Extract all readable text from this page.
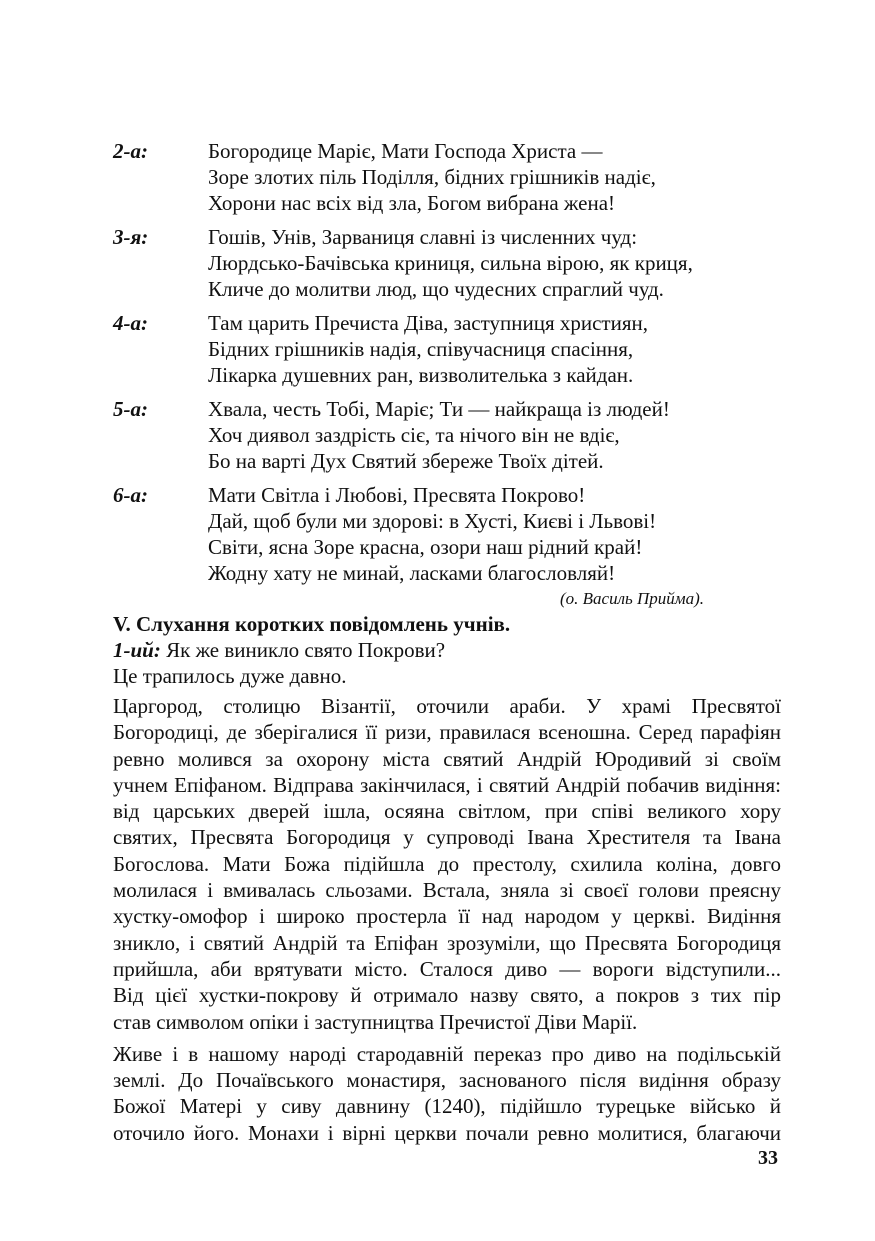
2-а:	Богородице Маріє, Мати Господа Христа —
Зоре злотих піль Поділля, бідних грішників надіє,
Хорони нас всіх від зла, Богом вибрана жена!
3-я:	Гошів, Унів, Зарваниця славні із численних чуд:
Люрдсько-Бачівська криниця, сильна вірою, як криця,
Кличе до молитви люд, що чудесних спраглий чуд.
4-а:	Там царить Пречиста Діва, заступниця християн,
Бідних грішників надія, співучасниця спасіння,
Лікарка душевних ран, визволителька з кайдан.
5-а:	Хвала, честь Тобі, Маріє; Ти — найкраща із людей!
Хоч диявол заздрість сіє, та нічого він не вдіє,
Бо на варті Дух Святий збереже Твоїх дітей.
6-а:	Мати Світла і Любові, Пресвята Покрово!
Дай, щоб були ми здорові: в Хусті, Києві і Львові!
Світи, ясна Зоре красна, озори наш рідний край!
Жодну хату не минай, ласками благословляй!
(о. Василь Прийма).
V. Слухання коротких повідомлень учнів.
1-ий: Як же виникло свято Покрови?
Це трапилось дуже давно.
Царгород, столицю Візантії, оточили араби. У храмі Пресвятої
Богородиці, де зберігалися її ризи, правилася всеношна. Серед парафіян
ревно молився за охорону міста святий Андрій Юродивий зі своїм
учнем Епіфаном. Відправа закінчилася, і святий Андрій побачив видіння:
від царських дверей ішла, осяяна світлом, при співі великого хору
святих, Пресвята Богородиця у супроводі Івана Хрестителя та Івана
Богослова. Мати Божа підійшла до престолу, схилила коліна, довго
молилася і вмивалась сльозами. Встала, зняла зі своєї голови преясну
хустку-омофор і широко простерла її над народом у церкві. Видіння
зникло, і святий Андрій та Епіфан зрозуміли, що Пресвята Богородиця
прийшла, аби врятувати місто. Сталося диво — вороги відступили...
Від цієї хустки-покрову й отримало назву свято, а покров з тих пір
став символом опіки і заступництва Пречистої Діви Марії.
Живе і в нашому народі стародавній переказ про диво на подільській
землі. До Почаївського монастиря, заснованого після видіння образу
Божої Матері у сиву давнину (1240), підійшло турецьке військо й
оточило його. Монахи і вірні церкви почали ревно молитися, благаючи
33
